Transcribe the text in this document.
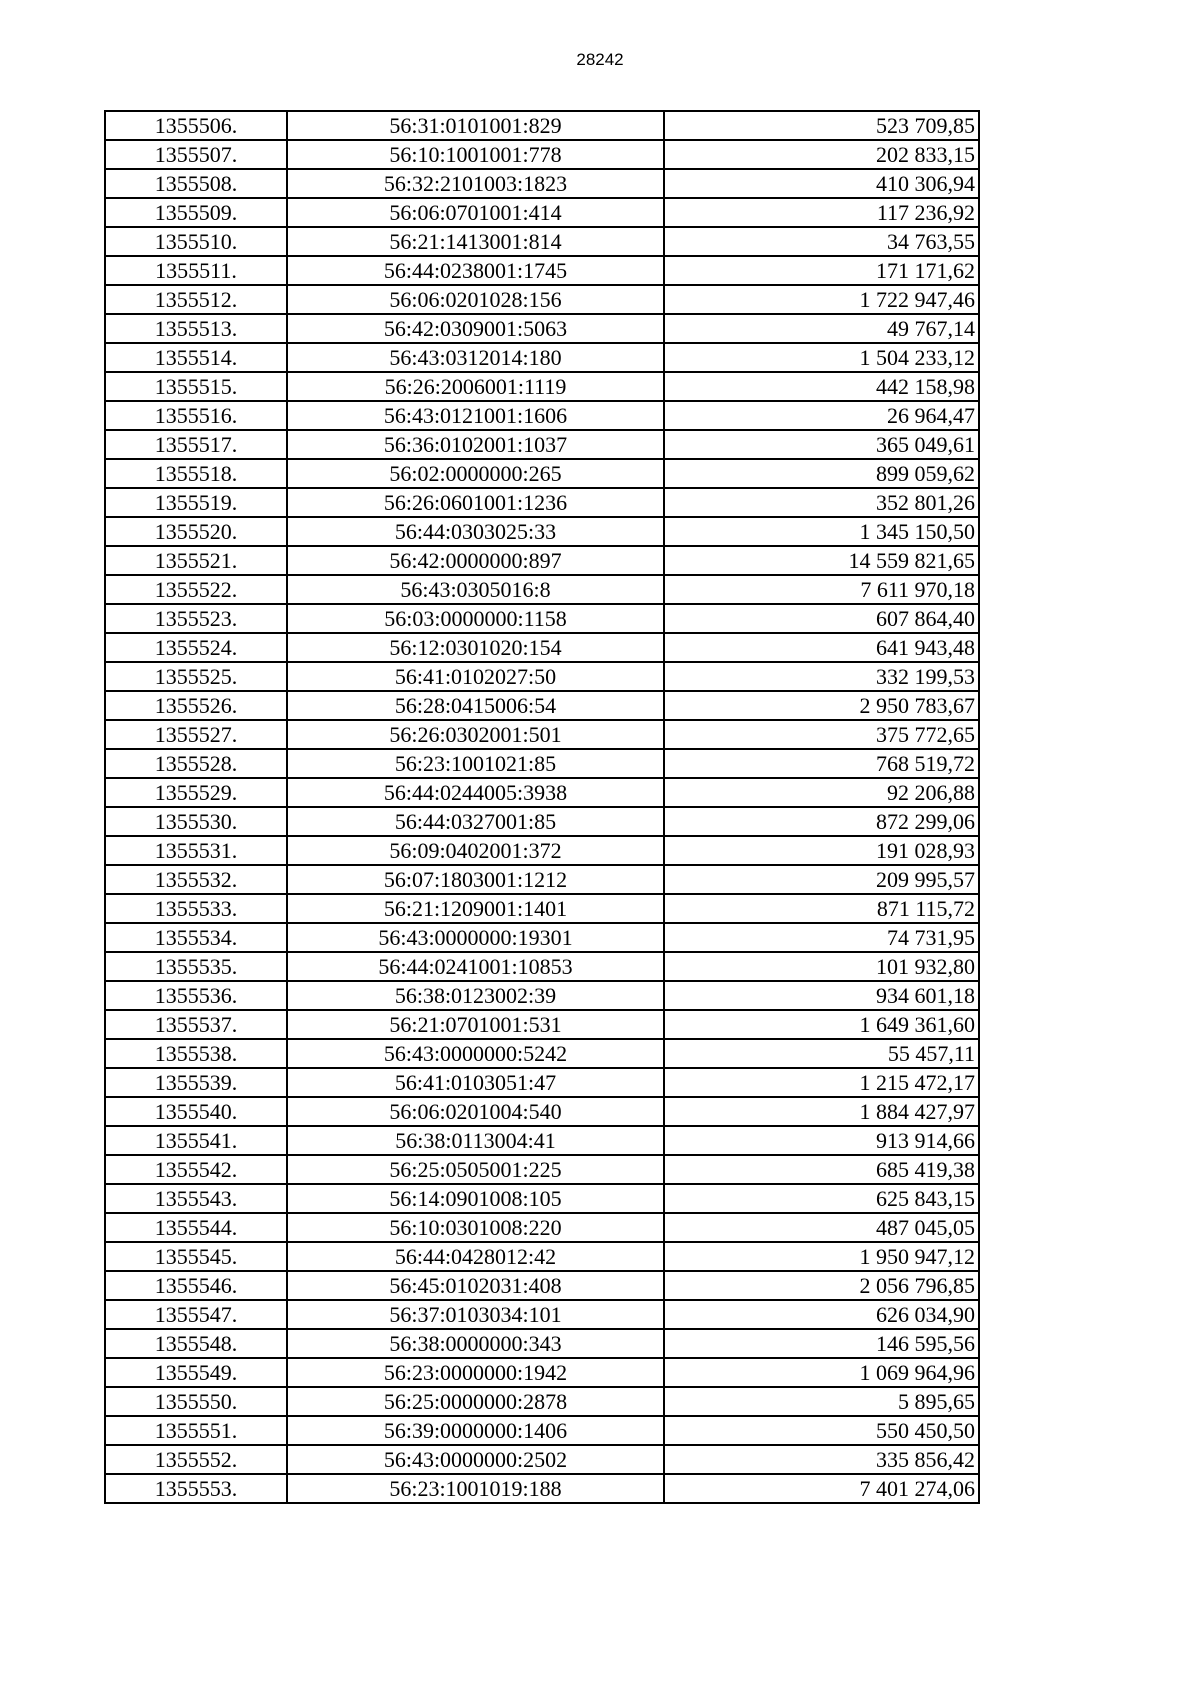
28242
1355506.	56:31:0101001:829	523 709,85
1355507.	56:10:1001001:778	202 833,15
1355508.	56:32:2101003:1823	410 306,94
1355509.	56:06:0701001:414	117 236,92
1355510.	56:21:1413001:814	34 763,55
1355511.	56:44:0238001:1745	171 171,62
1355512.	56:06:0201028:156	1 722 947,46
1355513.	56:42:0309001:5063	49 767,14
1355514.	56:43:0312014:180	1 504 233,12
1355515.	56:26:2006001:1119	442 158,98
1355516.	56:43:0121001:1606	26 964,47
1355517.	56:36:0102001:1037	365 049,61
1355518.	56:02:0000000:265	899 059,62
1355519.	56:26:0601001:1236	352 801,26
1355520.	56:44:0303025:33	1 345 150,50
1355521.	56:42:0000000:897	14 559 821,65
1355522.	56:43:0305016:8	7 611 970,18
1355523.	56:03:0000000:1158	607 864,40
1355524.	56:12:0301020:154	641 943,48
1355525.	56:41:0102027:50	332 199,53
1355526.	56:28:0415006:54	2 950 783,67
1355527.	56:26:0302001:501	375 772,65
1355528.	56:23:1001021:85	768 519,72
1355529.	56:44:0244005:3938	92 206,88
1355530.	56:44:0327001:85	872 299,06
1355531.	56:09:0402001:372	191 028,93
1355532.	56:07:1803001:1212	209 995,57
1355533.	56:21:1209001:1401	871 115,72
1355534.	56:43:0000000:19301	74 731,95
1355535.	56:44:0241001:10853	101 932,80
1355536.	56:38:0123002:39	934 601,18
1355537.	56:21:0701001:531	1 649 361,60
1355538.	56:43:0000000:5242	55 457,11
1355539.	56:41:0103051:47	1 215 472,17
1355540.	56:06:0201004:540	1 884 427,97
1355541.	56:38:0113004:41	913 914,66
1355542.	56:25:0505001:225	685 419,38
1355543.	56:14:0901008:105	625 843,15
1355544.	56:10:0301008:220	487 045,05
1355545.	56:44:0428012:42	1 950 947,12
1355546.	56:45:0102031:408	2 056 796,85
1355547.	56:37:0103034:101	626 034,90
1355548.	56:38:0000000:343	146 595,56
1355549.	56:23:0000000:1942	1 069 964,96
1355550.	56:25:0000000:2878	5 895,65
1355551.	56:39:0000000:1406	550 450,50
1355552.	56:43:0000000:2502	335 856,42
1355553.	56:23:1001019:188	7 401 274,06
